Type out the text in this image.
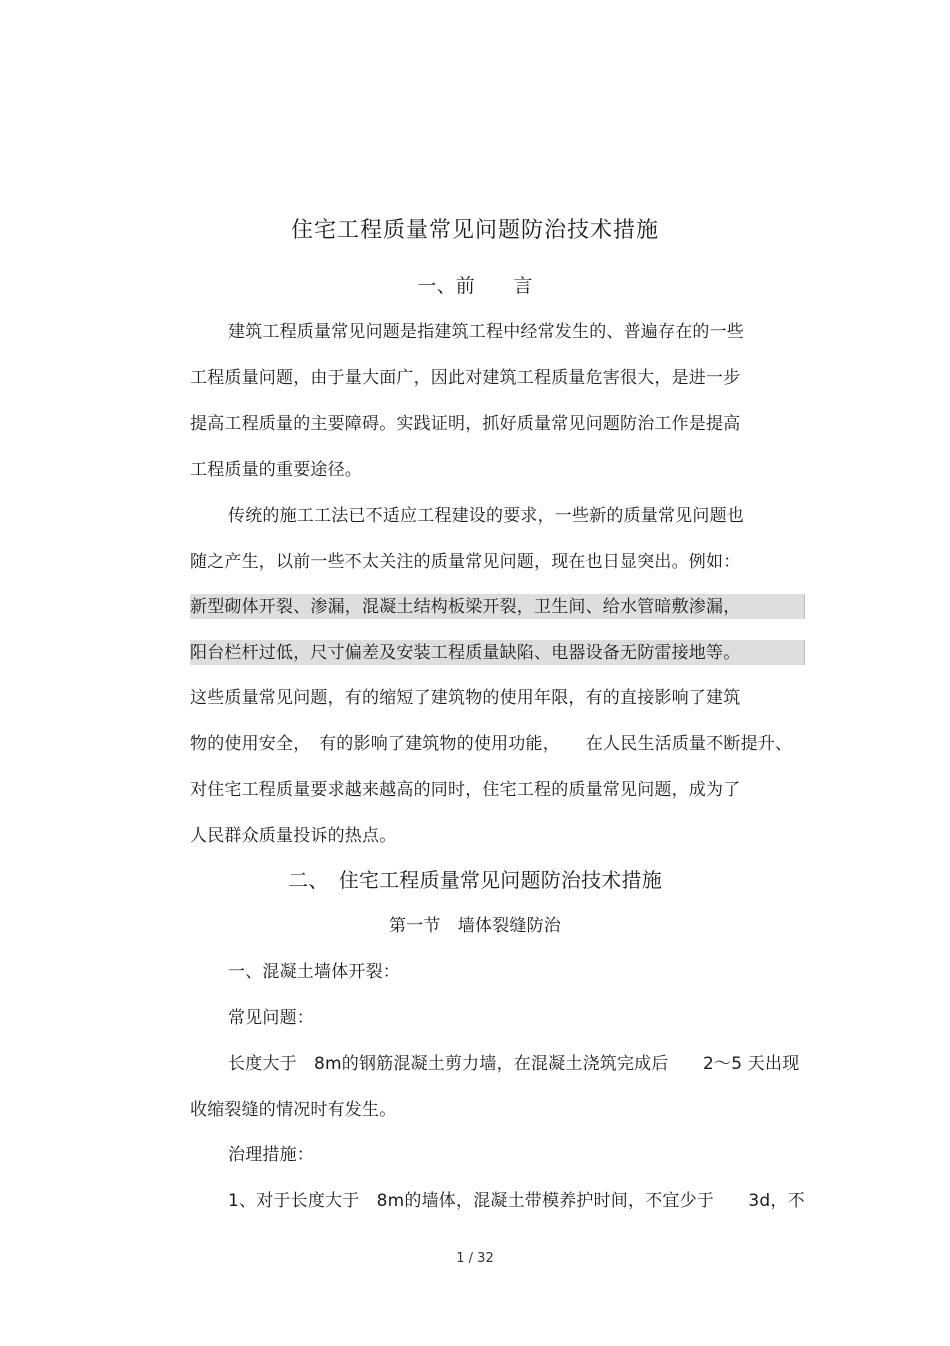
住宅工程质量常见问题防治技术措施
一、前　　言
建筑工程质量常见问题是指建筑工程中经常发生的、普遍存在的一些
工程质量问题，由于量大面广，因此对建筑工程质量危害很大，是进一步
提高工程质量的主要障碍。实践证明，抓好质量常见问题防治工作是提高
工程质量的重要途径。
传统的施工工法已不适应工程建设的要求，一些新的质量常见问题也
随之产生，以前一些不太关注的质量常见问题，现在也日显突出。例如：
新型砌体开裂、渗漏，混凝土结构板梁开裂，卫生间、给水管暗敷渗漏，
阳台栏杆过低，尺寸偏差及安装工程质量缺陷、电器设备无防雷接地等。
这些质量常见问题，有的缩短了建筑物的使用年限，有的直接影响了建筑
物的使用安全，　有的影响了建筑物的使用功能，　　在人民生活质量不断提升、
对住宅工程质量要求越来越高的同时，住宅工程的质量常见问题，成为了
人民群众质量投诉的热点。
二、　住宅工程质量常见问题防治技术措施
第一节　墙体裂缝防治
一、混凝土墙体开裂：
常见问题：
长度大于　8m的钢筋混凝土剪力墙，在混凝土浇筑完成后　　2～5 天出现
收缩裂缝的情况时有发生。
治理措施：
1、对于长度大于　8m的墙体，混凝土带模养护时间，不宜少于　　3d，不
1 / 32
